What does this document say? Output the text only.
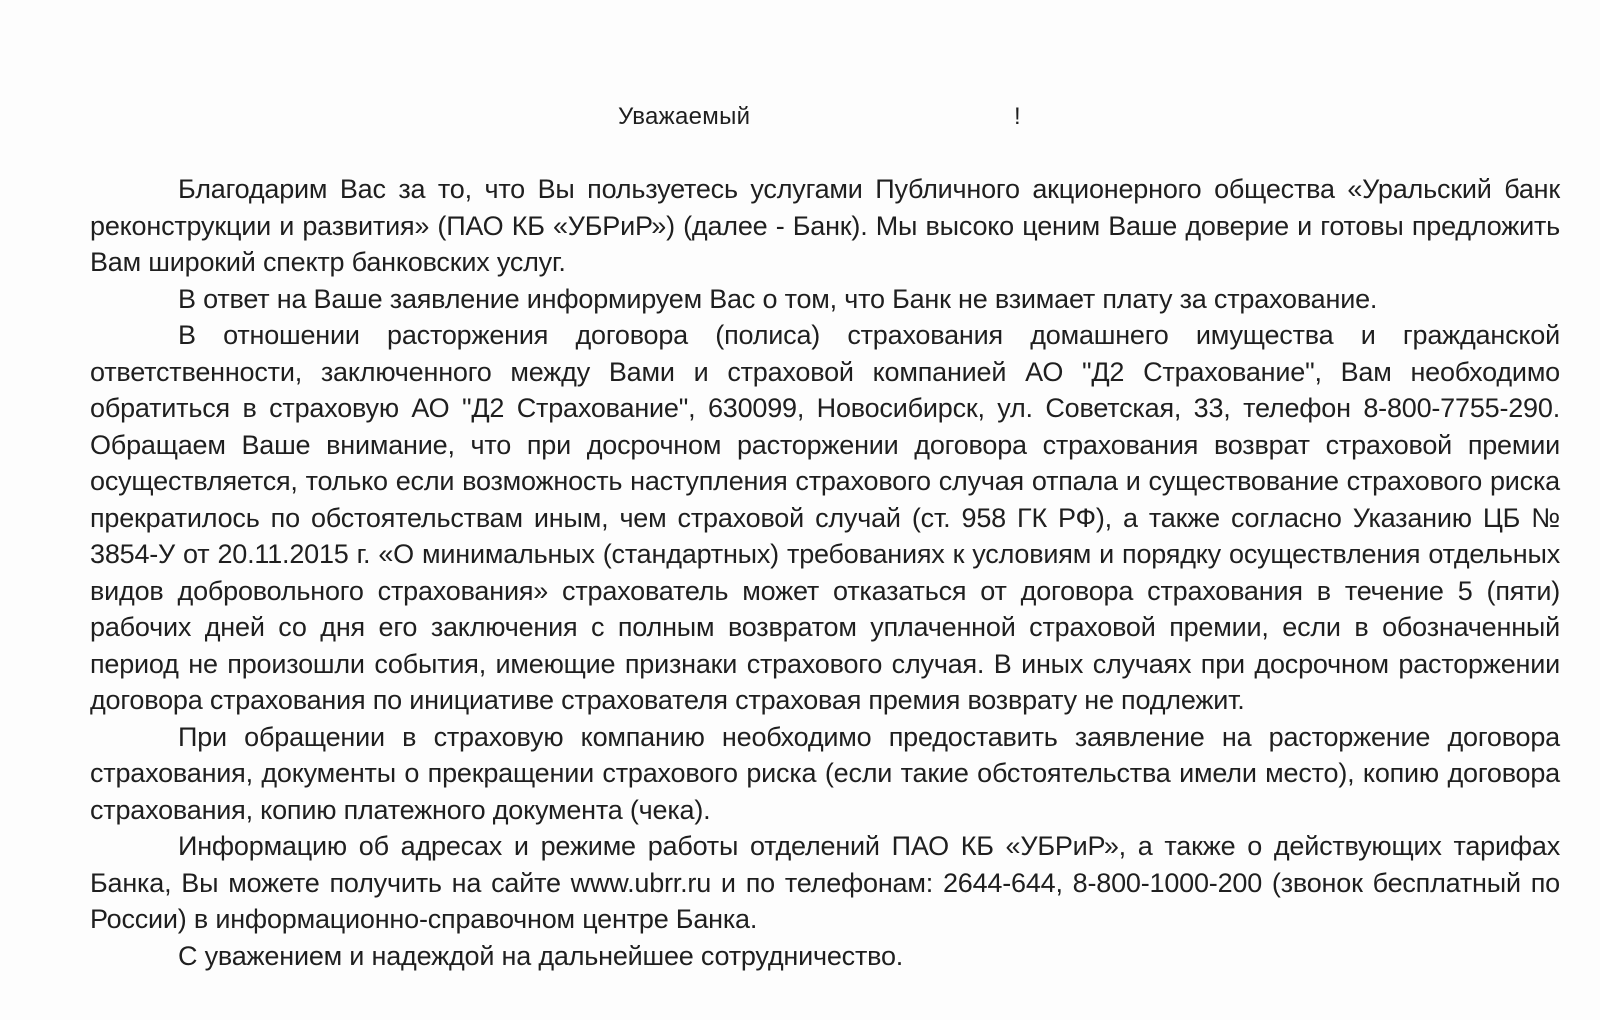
Уважаемый	!

Благодарим Вас за то, что Вы пользуетесь услугами Публичного акционерного общества «Уральский банк реконструкции и развития» (ПАО КБ «УБРиР») (далее - Банк). Мы высоко ценим Ваше доверие и готовы предложить Вам широкий спектр банковских услуг.

В ответ на Ваше заявление информируем Вас о том, что Банк не взимает плату за страхование.

В отношении расторжения договора (полиса) страхования домашнего имущества и гражданской ответственности, заключенного между Вами и страховой компанией АО "Д2 Страхование", Вам необходимо обратиться в страховую АО "Д2 Страхование", 630099, Новосибирск, ул. Советская, 33, телефон 8-800-7755-290. Обращаем Ваше внимание, что при досрочном расторжении договора страхования возврат страховой премии осуществляется, только если возможность наступления страхового случая отпала и существование страхового риска прекратилось по обстоятельствам иным, чем страховой случай (ст. 958 ГК РФ), а также согласно Указанию ЦБ № 3854-У от 20.11.2015 г. «О минимальных (стандартных) требованиях к условиям и порядку осуществления отдельных видов добровольного страхования» страхователь может отказаться от договора страхования в течение 5 (пяти) рабочих дней со дня его заключения с полным возвратом уплаченной страховой премии, если в обозначенный период не произошли события, имеющие признаки страхового случая. В иных случаях при досрочном расторжении договора страхования по инициативе страхователя страховая премия возврату не подлежит.

При обращении в страховую компанию необходимо предоставить заявление на расторжение договора страхования, документы о прекращении страхового риска (если такие обстоятельства имели место), копию договора страхования, копию платежного документа (чека).

Информацию об адресах и режиме работы отделений ПАО КБ «УБРиР», а также о действующих тарифах Банка, Вы можете получить на сайте www.ubrr.ru и по телефонам: 2644-644, 8-800-1000-200 (звонок бесплатный по России) в информационно-справочном центре Банка.

С уважением и надеждой на дальнейшее сотрудничество.
